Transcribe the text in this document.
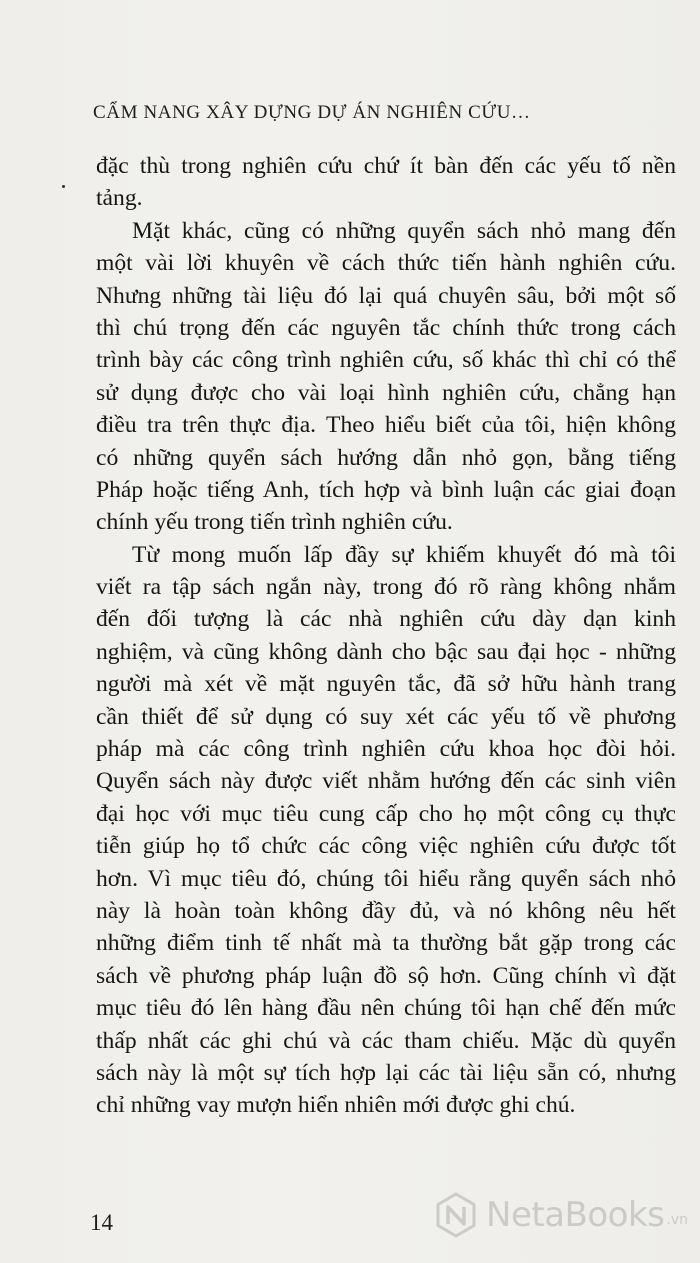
CẨM NANG XÂY DỰNG DỰ ÁN NGHIÊN CỨU…
đặc thù trong nghiên cứu chứ ít bàn đến các yếu tố nền
tảng.
Mặt khác, cũng có những quyển sách nhỏ mang đến
một vài lời khuyên về cách thức tiến hành nghiên cứu.
Nhưng những tài liệu đó lại quá chuyên sâu, bởi một số
thì chú trọng đến các nguyên tắc chính thức trong cách
trình bày các công trình nghiên cứu, số khác thì chỉ có thể
sử dụng được cho vài loại hình nghiên cứu, chẳng hạn
điều tra trên thực địa. Theo hiểu biết của tôi, hiện không
có những quyển sách hướng dẫn nhỏ gọn, bằng tiếng
Pháp hoặc tiếng Anh, tích hợp và bình luận các giai đoạn
chính yếu trong tiến trình nghiên cứu.
Từ mong muốn lấp đầy sự khiếm khuyết đó mà tôi
viết ra tập sách ngắn này, trong đó rõ ràng không nhắm
đến đối tượng là các nhà nghiên cứu dày dạn kinh
nghiệm, và cũng không dành cho bậc sau đại học - những
người mà xét về mặt nguyên tắc, đã sở hữu hành trang
cần thiết để sử dụng có suy xét các yếu tố về phương
pháp mà các công trình nghiên cứu khoa học đòi hỏi.
Quyển sách này được viết nhằm hướng đến các sinh viên
đại học với mục tiêu cung cấp cho họ một công cụ thực
tiễn giúp họ tổ chức các công việc nghiên cứu được tốt
hơn. Vì mục tiêu đó, chúng tôi hiểu rằng quyển sách nhỏ
này là hoàn toàn không đầy đủ, và nó không nêu hết
những điểm tinh tế nhất mà ta thường bắt gặp trong các
sách về phương pháp luận đồ sộ hơn. Cũng chính vì đặt
mục tiêu đó lên hàng đầu nên chúng tôi hạn chế đến mức
thấp nhất các ghi chú và các tham chiếu. Mặc dù quyển
sách này là một sự tích hợp lại các tài liệu sẵn có, nhưng
chỉ những vay mượn hiển nhiên mới được ghi chú.
14	NetaBooks .vn
